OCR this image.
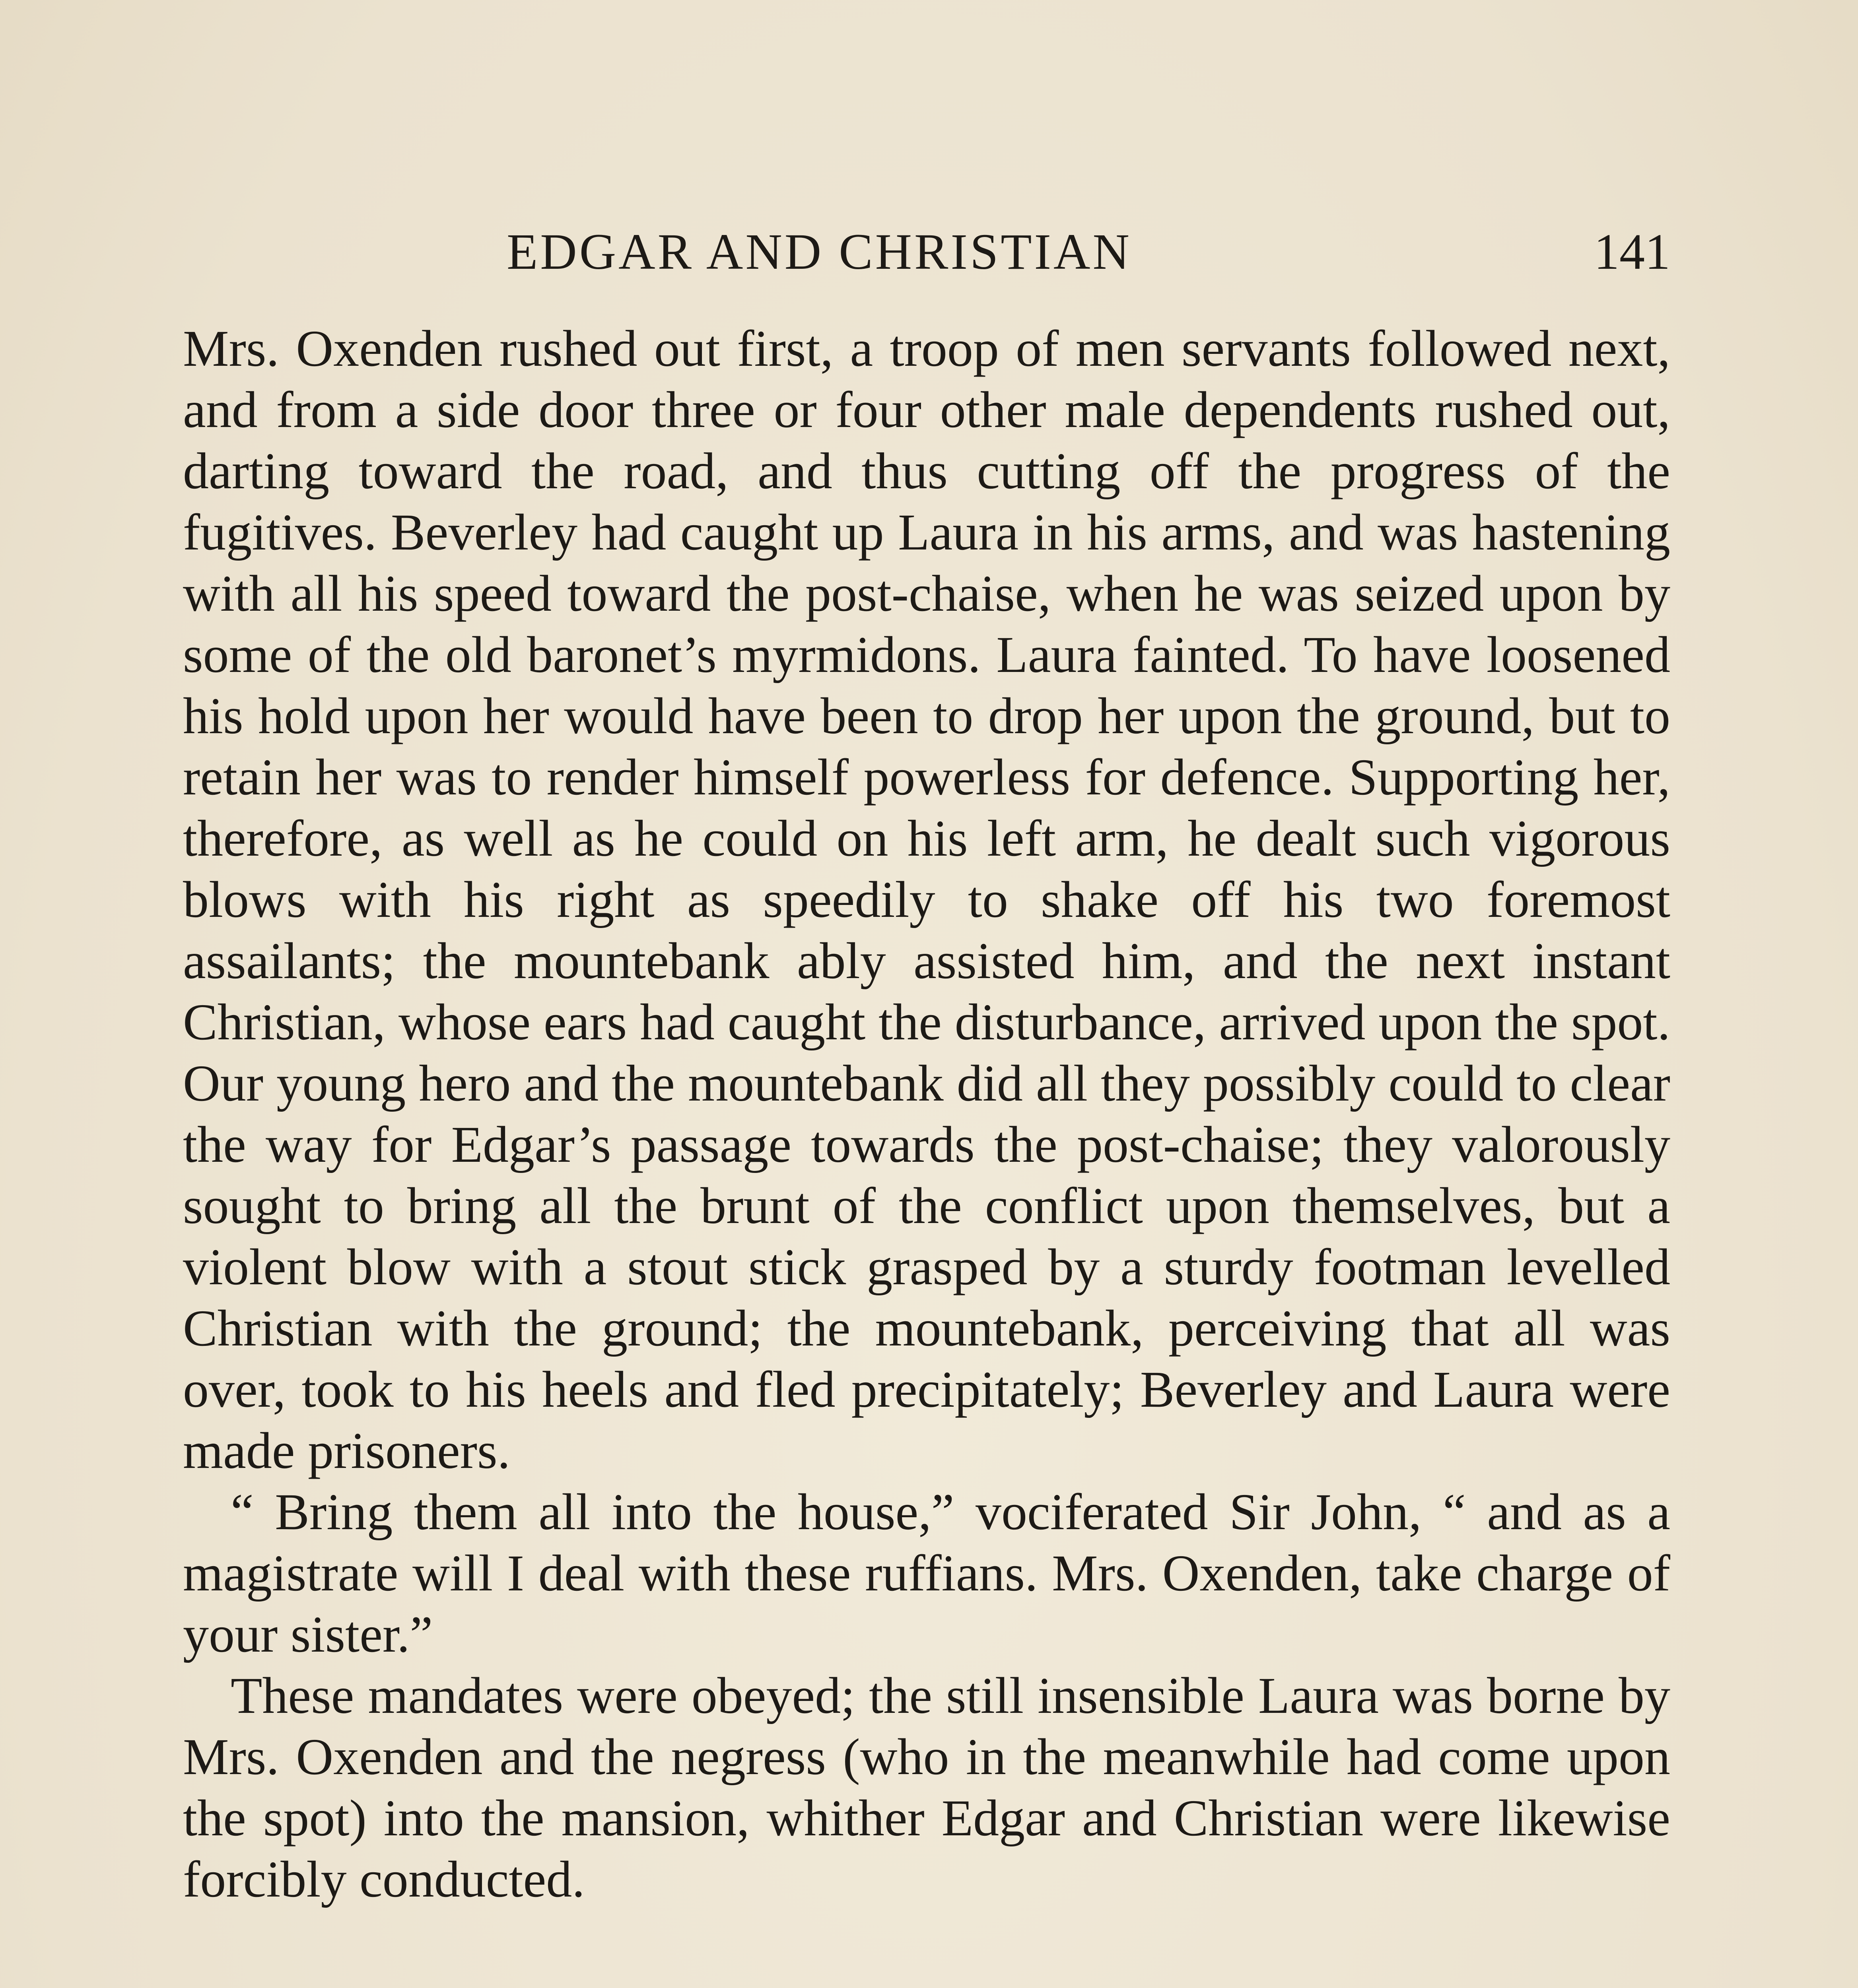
EDGAR AND CHRISTIAN	141

Mrs. Oxenden rushed out first, a troop of men servants followed next, and from a side door three or four other male dependents rushed out, darting toward the road, and thus cutting off the progress of the fugitives. Beverley had caught up Laura in his arms, and was hastening with all his speed toward the post-chaise, when he was seized upon by some of the old baronet’s myrmidons. Laura fainted. To have loosened his hold upon her would have been to drop her upon the ground, but to retain her was to render himself powerless for defence. Supporting her, therefore, as well as he could on his left arm, he dealt such vigorous blows with his right as speedily to shake off his two foremost assailants; the mountebank ably assisted him, and the next instant Christian, whose ears had caught the disturbance, arrived upon the spot. Our young hero and the mountebank did all they possibly could to clear the way for Edgar’s passage towards the post-chaise; they valorously sought to bring all the brunt of the conflict upon themselves, but a violent blow with a stout stick grasped by a sturdy footman levelled Christian with the ground; the mountebank, perceiving that all was over, took to his heels and fled precipitately; Beverley and Laura were made prisoners.

“ Bring them all into the house,” vociferated Sir John, “ and as a magistrate will I deal with these ruffians. Mrs. Oxenden, take charge of your sister.”

These mandates were obeyed; the still insensible Laura was borne by Mrs. Oxenden and the negress (who in the meanwhile had come upon the spot) into the mansion, whither Edgar and Christian were likewise forcibly conducted.
